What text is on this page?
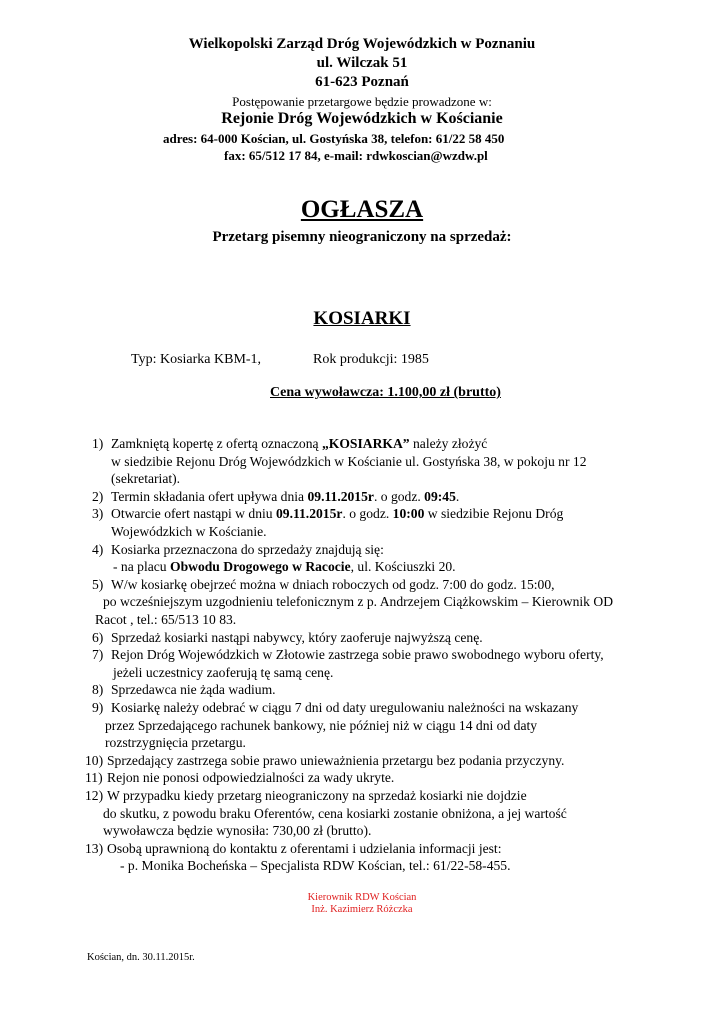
Wielkopolski Zarząd Dróg Wojewódzkich w Poznaniu
ul. Wilczak 51
61-623 Poznań
Postępowanie przetargowe będzie prowadzone w:
Rejonie Dróg Wojewódzkich w Kościanie
adres: 64-000 Kościan, ul. Gostyńska 38, telefon: 61/22 58 450
fax: 65/512 17 84, e-mail: rdwkoscian@wzdw.pl
OGŁASZA
Przetarg pisemny nieograniczony na sprzedaż:
KOSIARKI
Typ: Kosiarka KBM-1,	Rok produkcji: 1985
Cena wywoławcza: 1.100,00 zł (brutto)
1) Zamkniętą kopertę z ofertą oznaczoną „KOSIARKA” należy złożyć
w siedzibie Rejonu Dróg Wojewódzkich w Kościanie ul. Gostyńska 38, w pokoju nr 12
(sekretariat).
2) Termin składania ofert upływa dnia 09.11.2015r. o godz. 09:45.
3) Otwarcie ofert nastąpi w dniu 09.11.2015r. o godz. 10:00 w siedzibie Rejonu Dróg
Wojewódzkich w Kościanie.
4) Kosiarka przeznaczona do sprzedaży znajdują się:
- na placu Obwodu Drogowego w Racocie, ul. Kościuszki 20.
5) W/w kosiarkę obejrzeć można w dniach roboczych od godz. 7:00 do godz. 15:00,
po wcześniejszym uzgodnieniu telefonicznym z p. Andrzejem Ciążkowskim – Kierownik OD
Racot , tel.: 65/513 10 83.
6) Sprzedaż kosiarki nastąpi nabywcy, który zaoferuje najwyższą cenę.
7) Rejon Dróg Wojewódzkich w Złotowie zastrzega sobie prawo swobodnego wyboru oferty,
jeżeli uczestnicy zaoferują tę samą cenę.
8) Sprzedawca nie żąda wadium.
9) Kosiarkę należy odebrać w ciągu 7 dni od daty uregulowaniu należności na wskazany
przez Sprzedającego rachunek bankowy, nie później niż w ciągu 14 dni od daty
rozstrzygnięcia przetargu.
10) Sprzedający zastrzega sobie prawo unieważnienia przetargu bez podania przyczyny.
11) Rejon nie ponosi odpowiedzialności za wady ukryte.
12) W przypadku kiedy przetarg nieograniczony na sprzedaż kosiarki nie dojdzie
do skutku, z powodu braku Oferentów, cena kosiarki zostanie obniżona, a jej wartość
wywoławcza będzie wynosiła: 730,00 zł (brutto).
13) Osobą uprawnioną do kontaktu z oferentami i udzielania informacji jest:
- p. Monika Bocheńska – Specjalista RDW Kościan, tel.: 61/22-58-455.
Kierownik RDW Kościan
Inż. Kazimierz Różczka
Kościan, dn. 30.11.2015r.
